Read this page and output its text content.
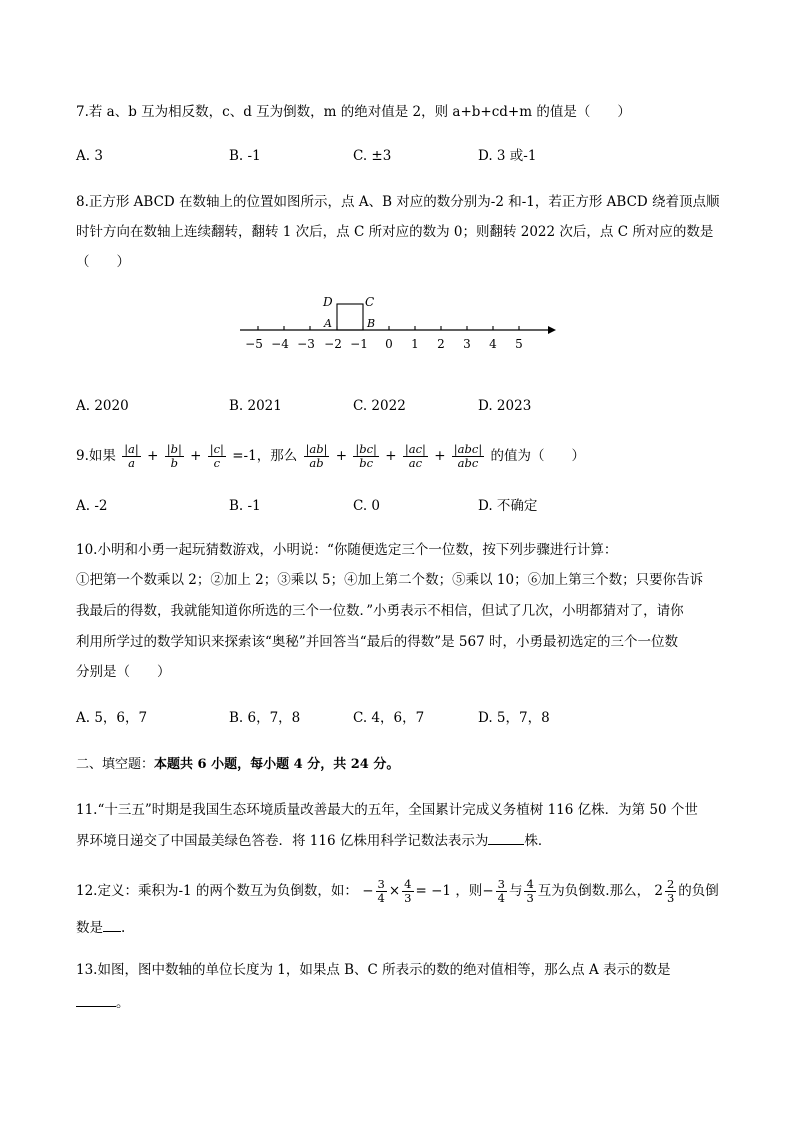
7.若 a、b 互为相反数，c、d 互为倒数，m 的绝对值是 2，则 a+b+cd+m 的值是（　　）
A. 3	B. -1	C. ±3	D. 3 或-1
8.正方形 ABCD 在数轴上的位置如图所示，点 A、B 对应的数分别为-2 和-1，若正方形 ABCD 绕着顶点顺
时针方向在数轴上连续翻转，翻转 1 次后，点 C 所对应的数为 0；则翻转 2022 次后，点 C 所对应的数是
（　　）
D	C
A	B
−5 −4 −3 −2 −1 0 1 2 3 4 5
A. 2020	B. 2021	C. 2022	D. 2023
9.如果 $\frac{|a|}{a} + \frac{|b|}{b} + \frac{|c|}{c} =-1$，那么 $\frac{|ab|}{ab} + \frac{|bc|}{bc} + \frac{|ac|}{ac} + \frac{\text{|abc|}}{\text{abc}}$ 的值为（　　）
A. -2	B. -1	C. 0	D. 不确定
10.小明和小勇一起玩猜数游戏，小明说：“你随便选定三个一位数，按下列步骤进行计算：
①把第一个数乘以 2；②加上 2；③乘以 5；④加上第二个数；⑤乘以 10；⑥加上第三个数；只要你告诉
我最后的得数，我就能知道你所选的三个一位数．”小勇表示不相信，但试了几次，小明都猜对了，请你
利用所学过的数学知识来探索该“奥秘”并回答当“最后的得数”是 567 时，小勇最初选定的三个一位数
分别是（　　）
A. 5，6，7	B. 6，7，8	C. 4，6，7	D. 5，7，8
二、填空题：本题共 6 小题，每小题 4 分，共 24 分。
11.“十三五”时期是我国生态环境质量改善最大的五年，全国累计完成义务植树 116 亿株．为第 50 个世
界环境日递交了中国最美绿色答卷．将 116 亿株用科学记数法表示为	株．
12.定义：乘积为-1 的两个数互为负倒数，如： − $\frac{3}{4} \times \frac{4}{3} = -1$ ，则− $\frac{3}{4}$ 与 $\frac{4}{3}$ 互为负倒数.那么， $2 \frac{2}{3}$ 的负倒
数是 .
13.如图，图中数轴的单位长度为 1，如果点 B、C 所表示的数的绝对值相等，那么点 A 表示的数是
。
